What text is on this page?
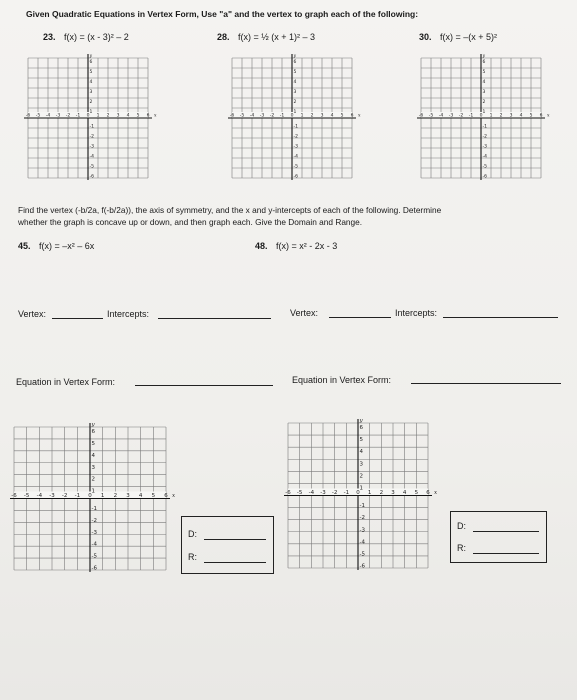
Given Quadratic Equations in Vertex Form, Use "a" and the vertex to graph each of the following:
23. f(x) = (x - 3)² – 2	28. f(x) = ½ (x + 1)² – 3	30. f(x) = –(x + 5)²
-6 -5 -4 -3 -2 -1 0 1 2 3 4 5 6 x
6
5
4
3
2
1
-1
-2
-3
-4
-5
-6
y
-6 -5 -4 -3 -2 -1 0 1 2 3 4 5 6 x
6
5
4
3
2
1
-1
-2
-3
-4
-5
-6
y
-6 -5 -4 -3 -2 -1 0 1 2 3 4 5 6 x
6
5
4
3
2
1
-1
-2
-3
-4
-5
-6
y
Find the vertex (-b/2a, f(-b/2a)), the axis of symmetry, and the x and y-intercepts of each of the following. Determine
whether the graph is concave up or down, and then graph each. Give the Domain and Range.
45. f(x) = –x² – 6x	48. f(x) = x² - 2x - 3
Vertex:	Intercepts:	Vertex:	Intercepts:
Equation in Vertex Form:	Equation in Vertex Form:
-6 -5 -4 -3 -2 -1 0 1 2 3 4 5 6 x
6
5
4
3
2
1
-1
-2
-3
-4
-5
-6
y
-6 -5 -4 -3 -2 -1 0 1 2 3 4 5 6 x
6
5
4
3
2
1
-1
-2
-3
-4
-5
-6
y
D:
R:
D:
R:
